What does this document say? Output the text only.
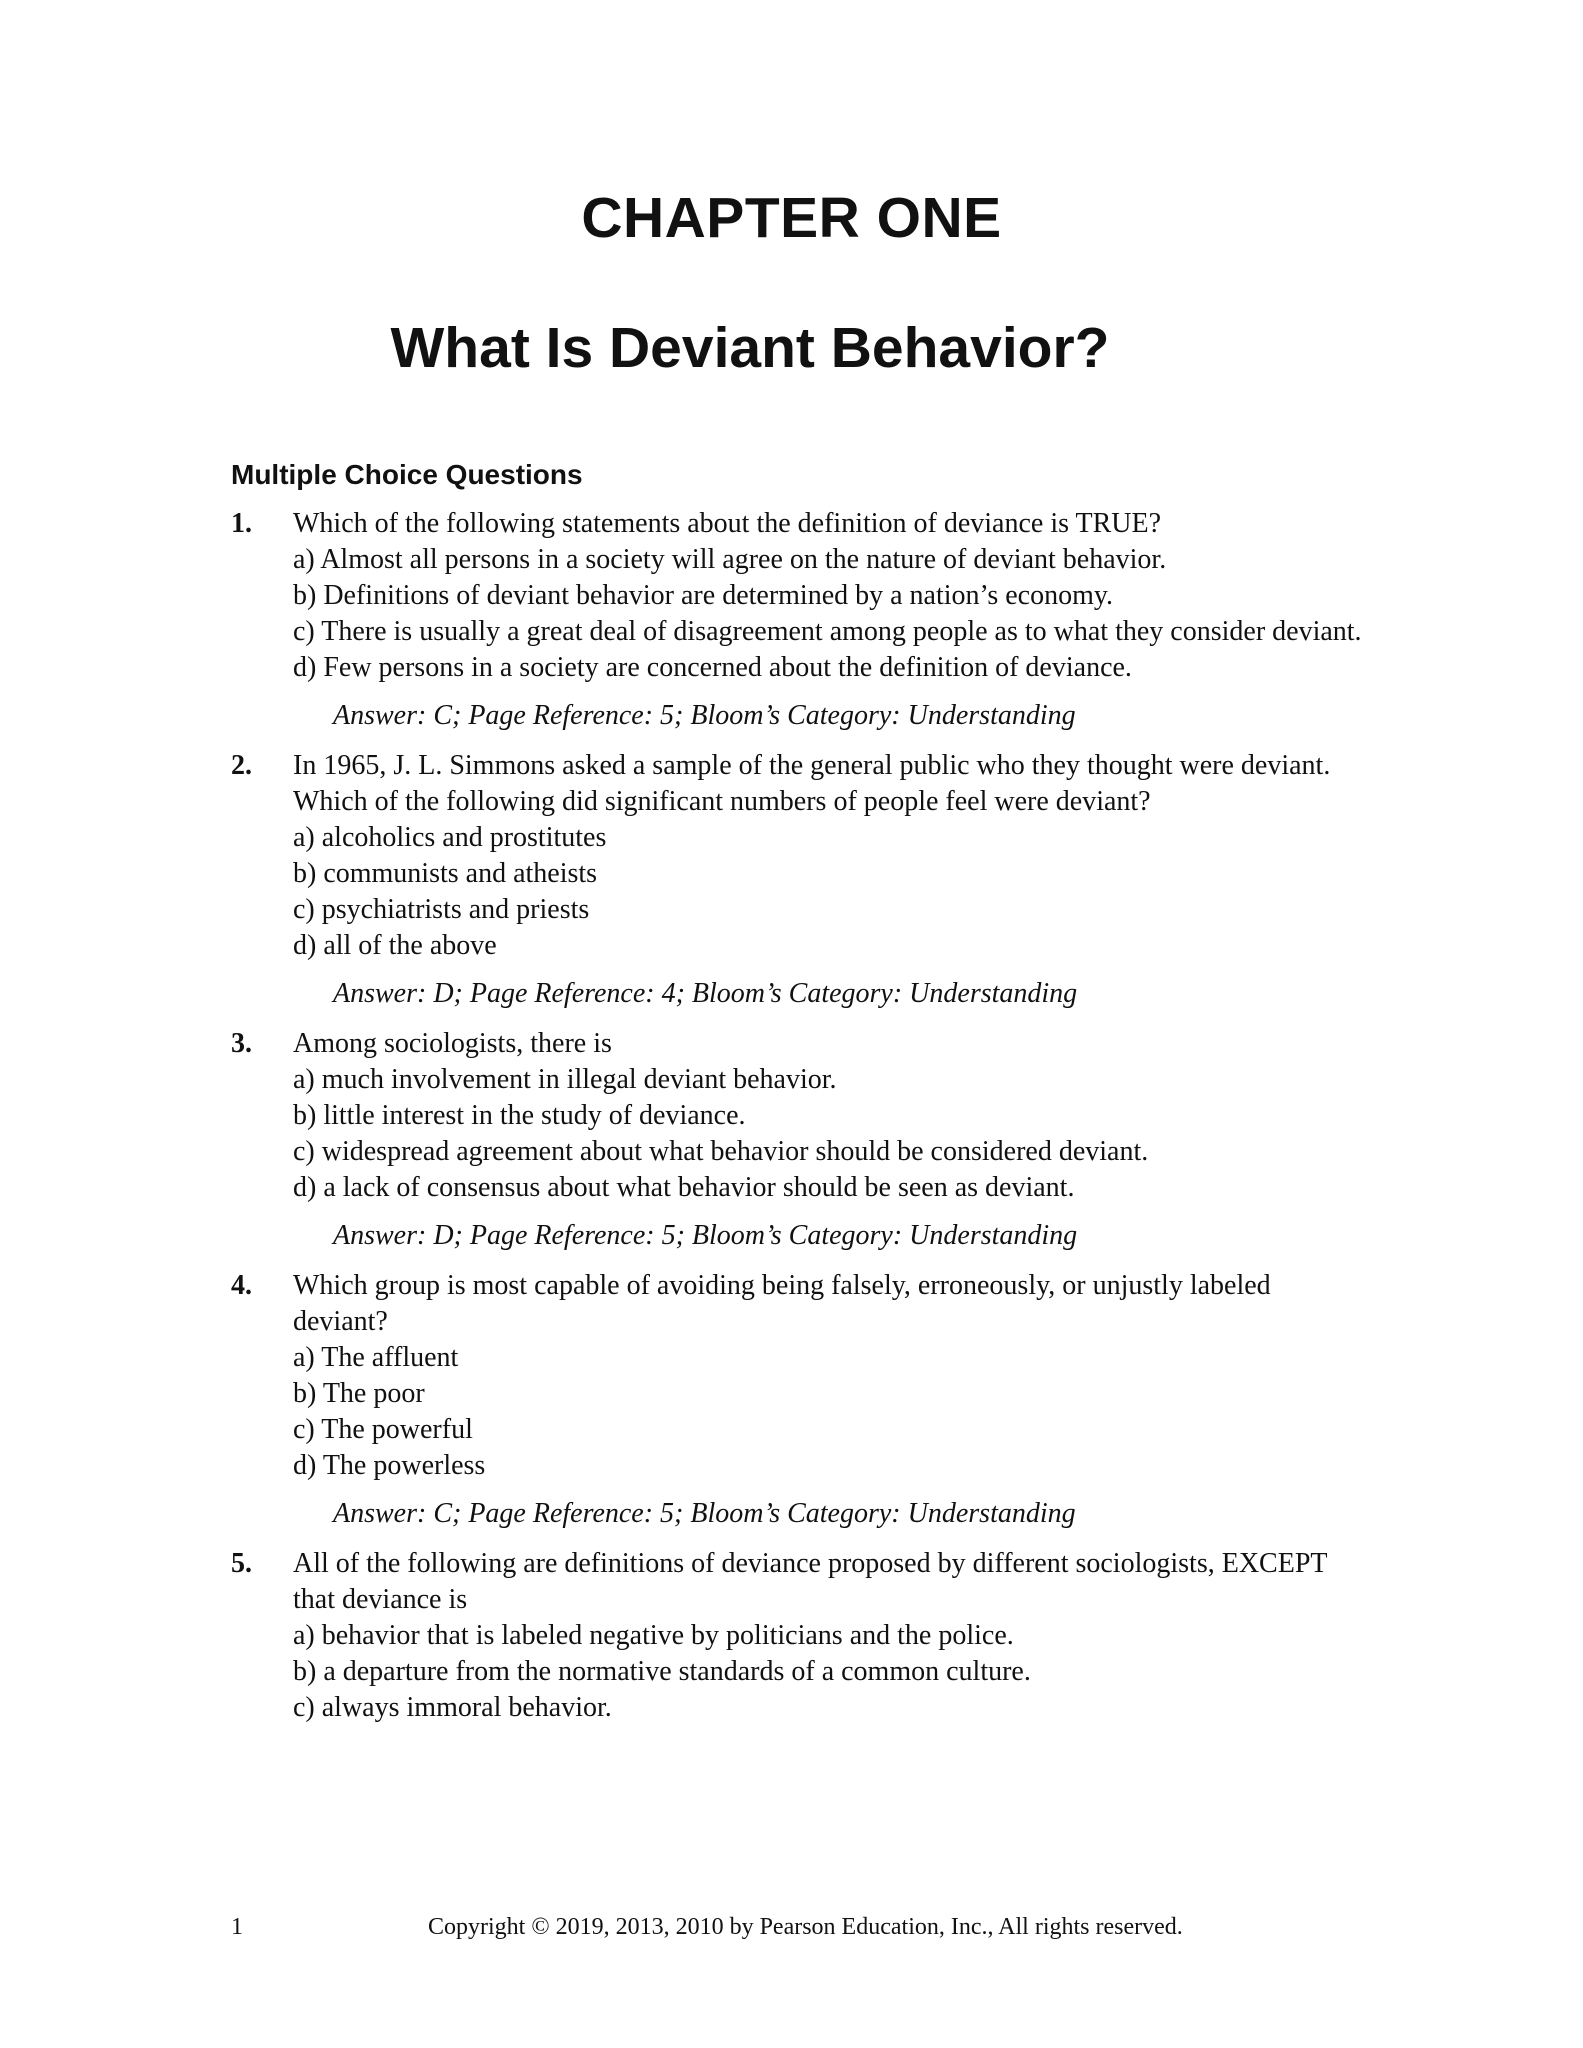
CHAPTER ONE
What Is Deviant Behavior?
Multiple Choice Questions
1. Which of the following statements about the definition of deviance is TRUE?
a) Almost all persons in a society will agree on the nature of deviant behavior.
b) Definitions of deviant behavior are determined by a nation’s economy.
c) There is usually a great deal of disagreement among people as to what they consider deviant.
d) Few persons in a society are concerned about the definition of deviance.
Answer: C; Page Reference: 5; Bloom’s Category: Understanding
2. In 1965, J. L. Simmons asked a sample of the general public who they thought were deviant. Which of the following did significant numbers of people feel were deviant?
a) alcoholics and prostitutes
b) communists and atheists
c) psychiatrists and priests
d) all of the above
Answer: D; Page Reference: 4; Bloom’s Category: Understanding
3. Among sociologists, there is
a) much involvement in illegal deviant behavior.
b) little interest in the study of deviance.
c) widespread agreement about what behavior should be considered deviant.
d) a lack of consensus about what behavior should be seen as deviant.
Answer: D; Page Reference: 5; Bloom’s Category: Understanding
4. Which group is most capable of avoiding being falsely, erroneously, or unjustly labeled deviant?
a) The affluent
b) The poor
c) The powerful
d) The powerless
Answer: C; Page Reference: 5; Bloom’s Category: Understanding
5. All of the following are definitions of deviance proposed by different sociologists, EXCEPT that deviance is
a) behavior that is labeled negative by politicians and the police.
b) a departure from the normative standards of a common culture.
c) always immoral behavior.
1	Copyright © 2019, 2013, 2010 by Pearson Education, Inc., All rights reserved.
